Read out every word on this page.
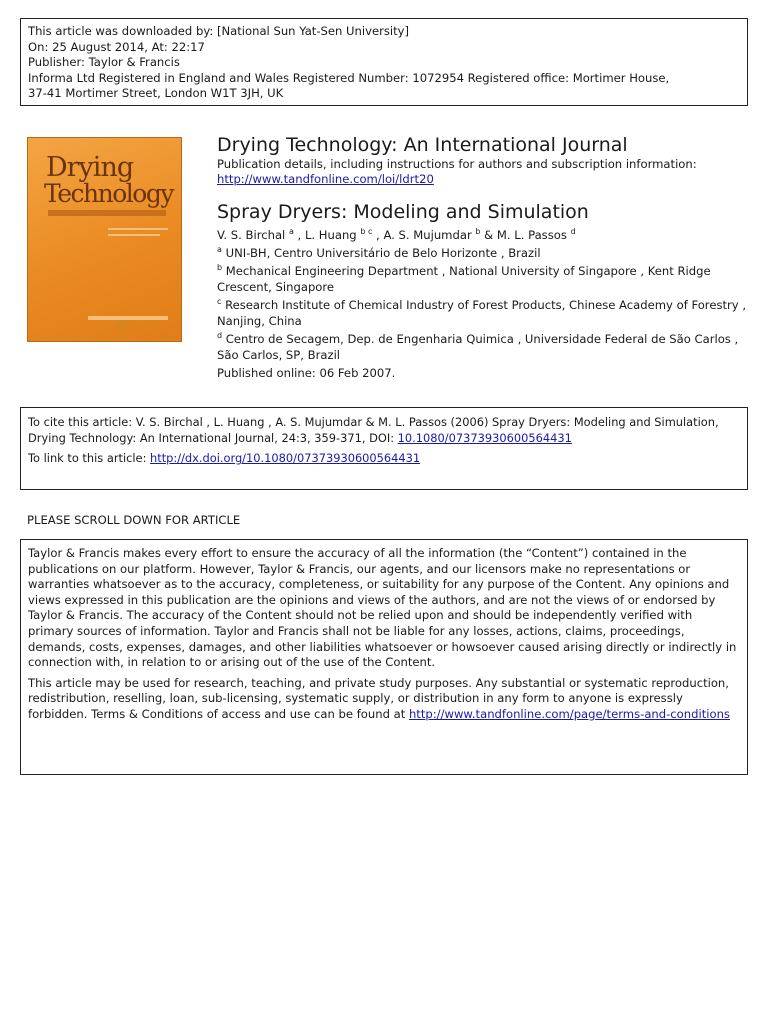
This article was downloaded by: [National Sun Yat-Sen University]
On: 25 August 2014, At: 22:17
Publisher: Taylor & Francis
Informa Ltd Registered in England and Wales Registered Number: 1072954 Registered office: Mortimer House,
37-41 Mortimer Street, London W1T 3JH, UK
Drying
Technology
Drying Technology: An International Journal
Publication details, including instructions for authors and subscription information:
http://www.tandfonline.com/loi/ldrt20
Spray Dryers: Modeling and Simulation
V. S. Birchal $^a$ , L. Huang $^{b c}$ , A. S. Mujumdar $^b$ & M. L. Passos $^d$
$^a$ UNI-BH, Centro Universitário de Belo Horizonte , Brazil
$^b$ Mechanical Engineering Department , National University of Singapore , Kent Ridge Crescent, Singapore
$^c$ Research Institute of Chemical Industry of Forest Products, Chinese Academy of Forestry , Nanjing, China
$^d$ Centro de Secagem, Dep. de Engenharia Quimica , Universidade Federal de São Carlos , São Carlos, SP, Brazil
Published online: 06 Feb 2007.
To cite this article: V. S. Birchal , L. Huang , A. S. Mujumdar & M. L. Passos (2006) Spray Dryers: Modeling and Simulation, Drying Technology: An International Journal, 24:3, 359-371, DOI: 10.1080/07373930600564431
To link to this article: http://dx.doi.org/10.1080/07373930600564431
PLEASE SCROLL DOWN FOR ARTICLE

Taylor & Francis makes every effort to ensure the accuracy of all the information (the “Content”) contained in the publications on our platform. However, Taylor & Francis, our agents, and our licensors make no representations or warranties whatsoever as to the accuracy, completeness, or suitability for any purpose of the Content. Any opinions and views expressed in this publication are the opinions and views of the authors, and are not the views of or endorsed by Taylor & Francis. The accuracy of the Content should not be relied upon and should be independently verified with primary sources of information. Taylor and Francis shall not be liable for any losses, actions, claims, proceedings, demands, costs, expenses, damages, and other liabilities whatsoever or howsoever caused arising directly or indirectly in connection with, in relation to or arising out of the use of the Content.

This article may be used for research, teaching, and private study purposes. Any substantial or systematic reproduction, redistribution, reselling, loan, sub-licensing, systematic supply, or distribution in any form to anyone is expressly forbidden. Terms & Conditions of access and use can be found at http://www.tandfonline.com/page/terms-and-conditions
